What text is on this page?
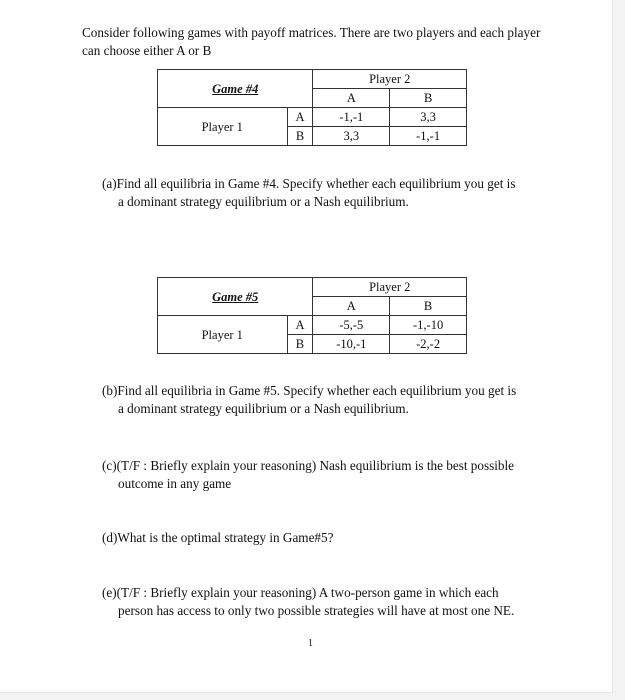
Consider following games with payoff matrices. There are two players and each player can choose either A or B
Game #4		Player 2	
		A	B
Player 1	A	-1,-1	3,3
	B	3,3	-1,-1
(a)Find all equilibria in Game #4. Specify whether each equilibrium you get is
a dominant strategy equilibrium or a Nash equilibrium.
Game #5		Player 2	
		A	B
Player 1	A	-5,-5	-1,-10
	B	-10,-1	-2,-2
(b)Find all equilibria in Game #5. Specify whether each equilibrium you get is
a dominant strategy equilibrium or a Nash equilibrium.
(c)(T/F : Briefly explain your reasoning) Nash equilibrium is the best possible
outcome in any game
(d)What is the optimal strategy in Game#5?
(e)(T/F : Briefly explain your reasoning) A two-person game in which each
person has access to only two possible strategies will have at most one NE.
1
